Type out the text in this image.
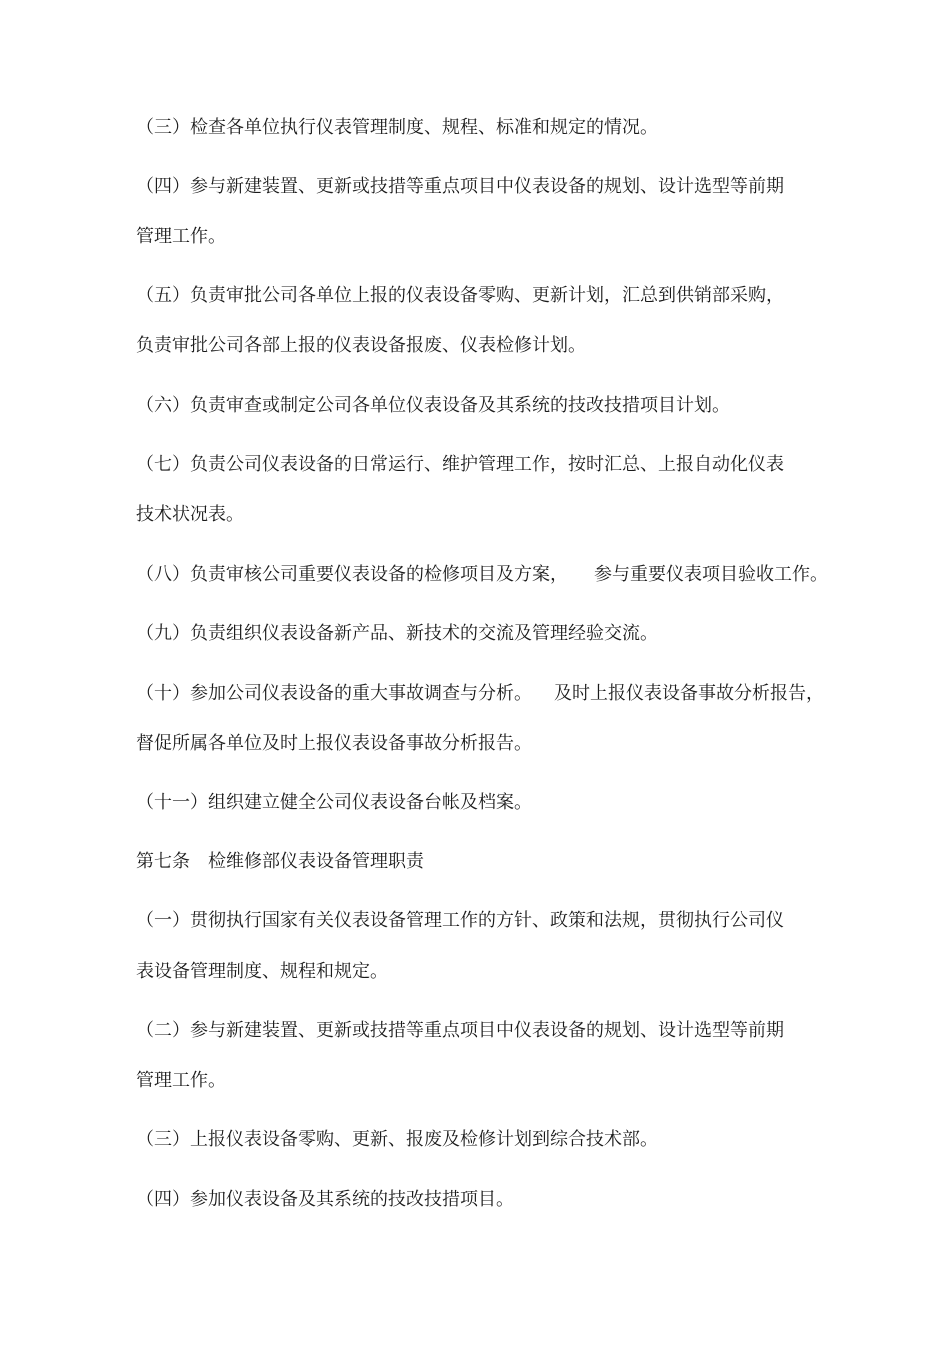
（三）检查各单位执行仪表管理制度、规程、标准和规定的情况。
（四）参与新建装置、更新或技措等重点项目中仪表设备的规划、设计选型等前期
管理工作。
（五）负责审批公司各单位上报的仪表设备零购、更新计划，汇总到供销部采购，
负责审批公司各部上报的仪表设备报废、仪表检修计划。
（六）负责审查或制定公司各单位仪表设备及其系统的技改技措项目计划。
（七）负责公司仪表设备的日常运行、维护管理工作，按时汇总、上报自动化仪表
技术状况表。
（八）负责审核公司重要仪表设备的检修项目及方案， 参与重要仪表项目验收工作。
（九）负责组织仪表设备新产品、新技术的交流及管理经验交流。
（十）参加公司仪表设备的重大事故调查与分析。 及时上报仪表设备事故分析报告，
督促所属各单位及时上报仪表设备事故分析报告。
（十一）组织建立健全公司仪表设备台帐及档案。
第七条　检维修部仪表设备管理职责
（一）贯彻执行国家有关仪表设备管理工作的方针、政策和法规，贯彻执行公司仪
表设备管理制度、规程和规定。
（二）参与新建装置、更新或技措等重点项目中仪表设备的规划、设计选型等前期
管理工作。
（三）上报仪表设备零购、更新、报废及检修计划到综合技术部。
（四）参加仪表设备及其系统的技改技措项目。
